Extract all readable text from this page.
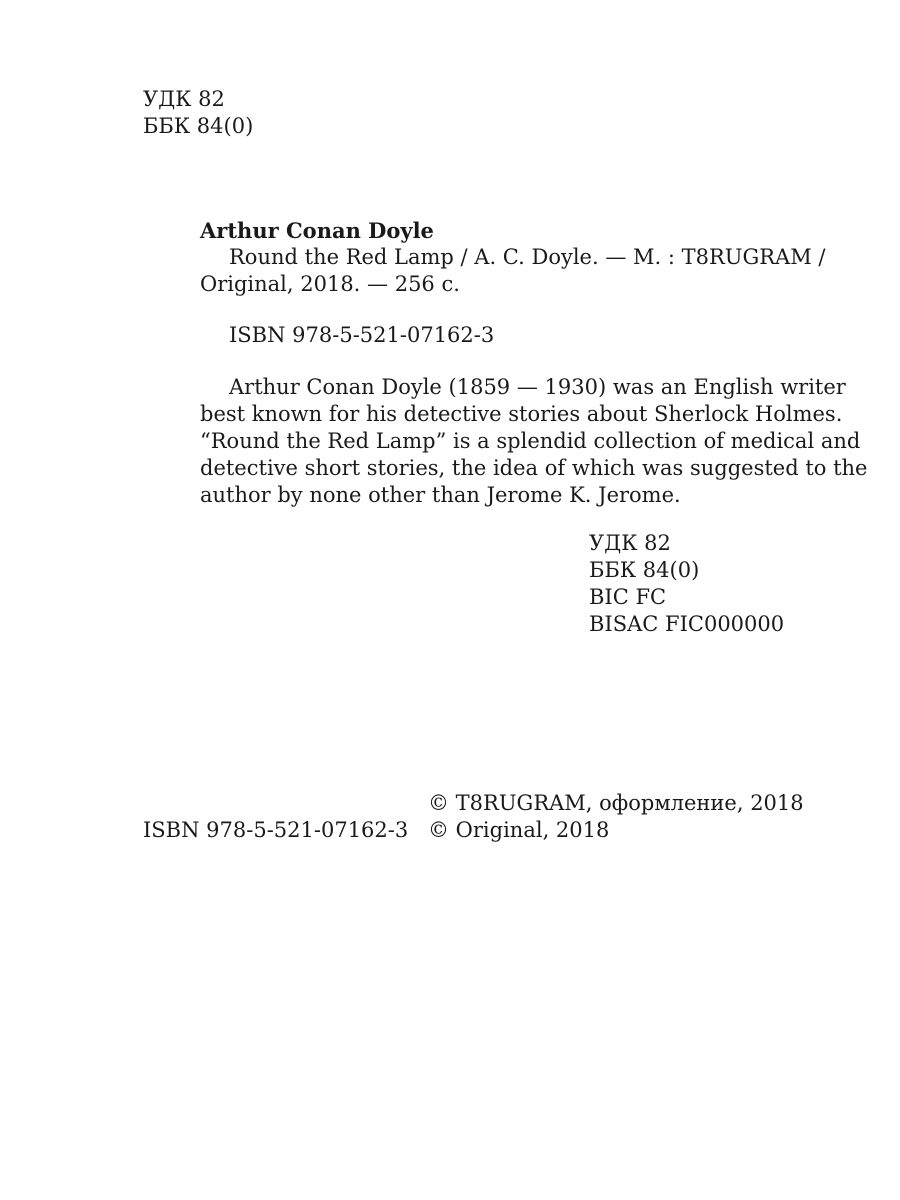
УДК 82
ББК 84(0)
Arthur Conan Doyle
Round the Red Lamp / A. C. Doyle. — M. : T8RUGRAM /
Original, 2018. — 256 с.
ISBN 978-5-521-07162-3
Arthur Conan Doyle (1859 — 1930) was an English writer
best known for his detective stories about Sherlock Holmes.
“Round the Red Lamp” is a splendid collection of medical and
detective short stories, the idea of which was suggested to the
author by none other than Jerome K. Jerome.
УДК 82
ББК 84(0)
BIC FC
BISAC FIC000000
ISBN 978-5-521-07162-3
© T8RUGRAM, оформление, 2018
© Original, 2018
